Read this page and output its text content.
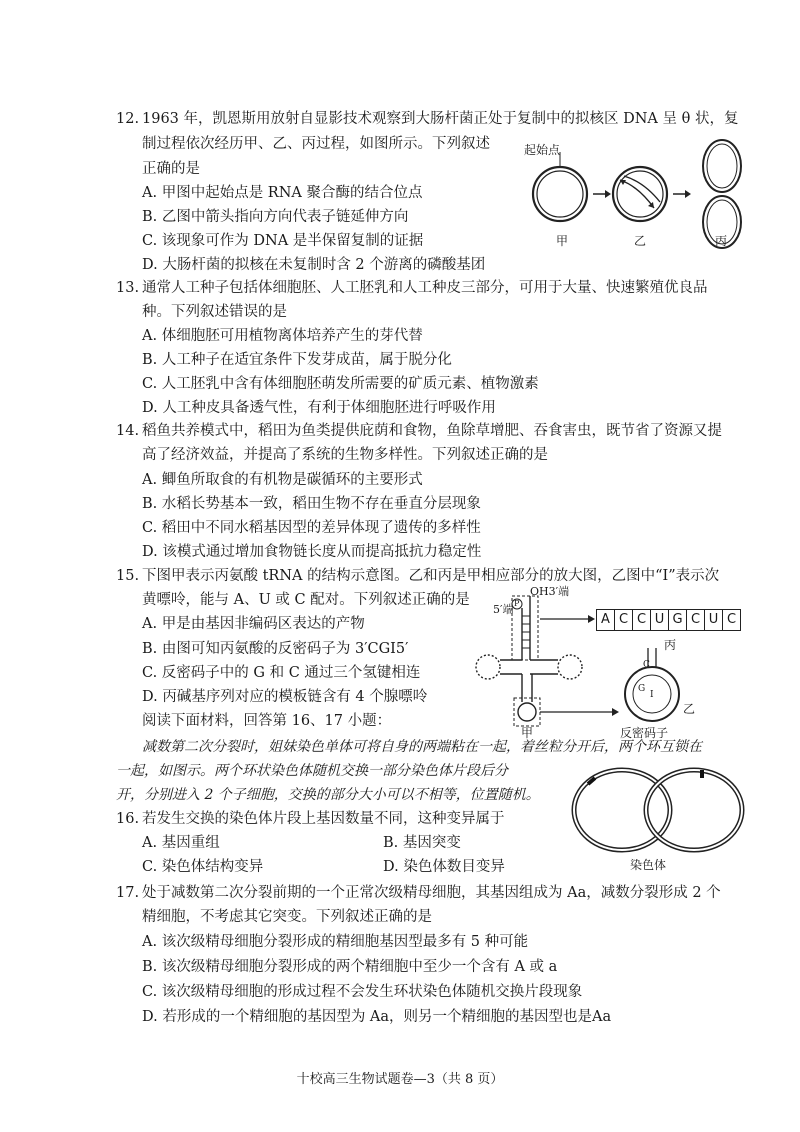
12. 1963 年，凯恩斯用放射自显影技术观察到大肠杆菌正处于复制中的拟核区 DNA 呈 θ 状，复
制过程依次经历甲、乙、丙过程，如图所示。下列叙述
正确的是
A. 甲图中起始点是 RNA 聚合酶的结合位点
B. 乙图中箭头指向方向代表子链延伸方向
C. 该现象可作为 DNA 是半保留复制的证据
D. 大肠杆菌的拟核在未复制时含 2 个游离的磷酸基团
起始点
甲	乙	丙
13. 通常人工种子包括体细胞胚、人工胚乳和人工种皮三部分，可用于大量、快速繁殖优良品
种。下列叙述错误的是
A. 体细胞胚可用植物离体培养产生的芽代替
B. 人工种子在适宜条件下发芽成苗，属于脱分化
C. 人工胚乳中含有体细胞胚萌发所需要的矿质元素、植物激素
D. 人工种皮具备透气性，有利于体细胞胚进行呼吸作用
14. 稻鱼共养模式中，稻田为鱼类提供庇荫和食物，鱼除草增肥、吞食害虫，既节省了资源又提
高了经济效益，并提高了系统的生物多样性。下列叙述正确的是
A. 鲫鱼所取食的有机物是碳循环的主要形式
B. 水稻长势基本一致，稻田生物不存在垂直分层现象
C. 稻田中不同水稻基因型的差异体现了遗传的多样性
D. 该模式通过增加食物链长度从而提高抵抗力稳定性
15. 下图甲表示丙氨酸 tRNA 的结构示意图。乙和丙是甲相应部分的放大图，乙图中“I”表示次
黄嘌呤，能与 A、U 或 C 配对。下列叙述正确的是
A. 甲是由基因非编码区表达的产物
B. 由图可知丙氨酸的反密码子为 3′CGI5′
C. 反密码子中的 G 和 C 通过三个氢键相连
D. 丙碱基序列对应的模板链含有 4 个腺嘌呤
OH3′端
5′端 P
A C C U G C U C
丙
C
G
I
乙
甲	反密码子
阅读下面材料，回答第 16、17 小题：
减数第二次分裂时，姐妹染色单体可将自身的两端粘在一起，着丝粒分开后，两个环互锁在
一起，如图示。两个环状染色体随机交换一部分染色体片段后分
开，分别进入 2 个子细胞，交换的部分大小可以不相等，位置随机。
染色体
16. 若发生交换的染色体片段上基因数量不同，这种变异属于
A. 基因重组	B. 基因突变
C. 染色体结构变异	D. 染色体数目变异
17. 处于减数第二次分裂前期的一个正常次级精母细胞，其基因组成为 Aa，减数分裂形成 2 个
精细胞，不考虑其它突变。下列叙述正确的是
A. 该次级精母细胞分裂形成的精细胞基因型最多有 5 种可能
B. 该次级精母细胞分裂形成的两个精细胞中至少一个含有 A 或 a
C. 该次级精母细胞的形成过程不会发生环状染色体随机交换片段现象
D. 若形成的一个精细胞的基因型为 Aa，则另一个精细胞的基因型也是Aa
十校高三生物试题卷—3（共 8 页）
